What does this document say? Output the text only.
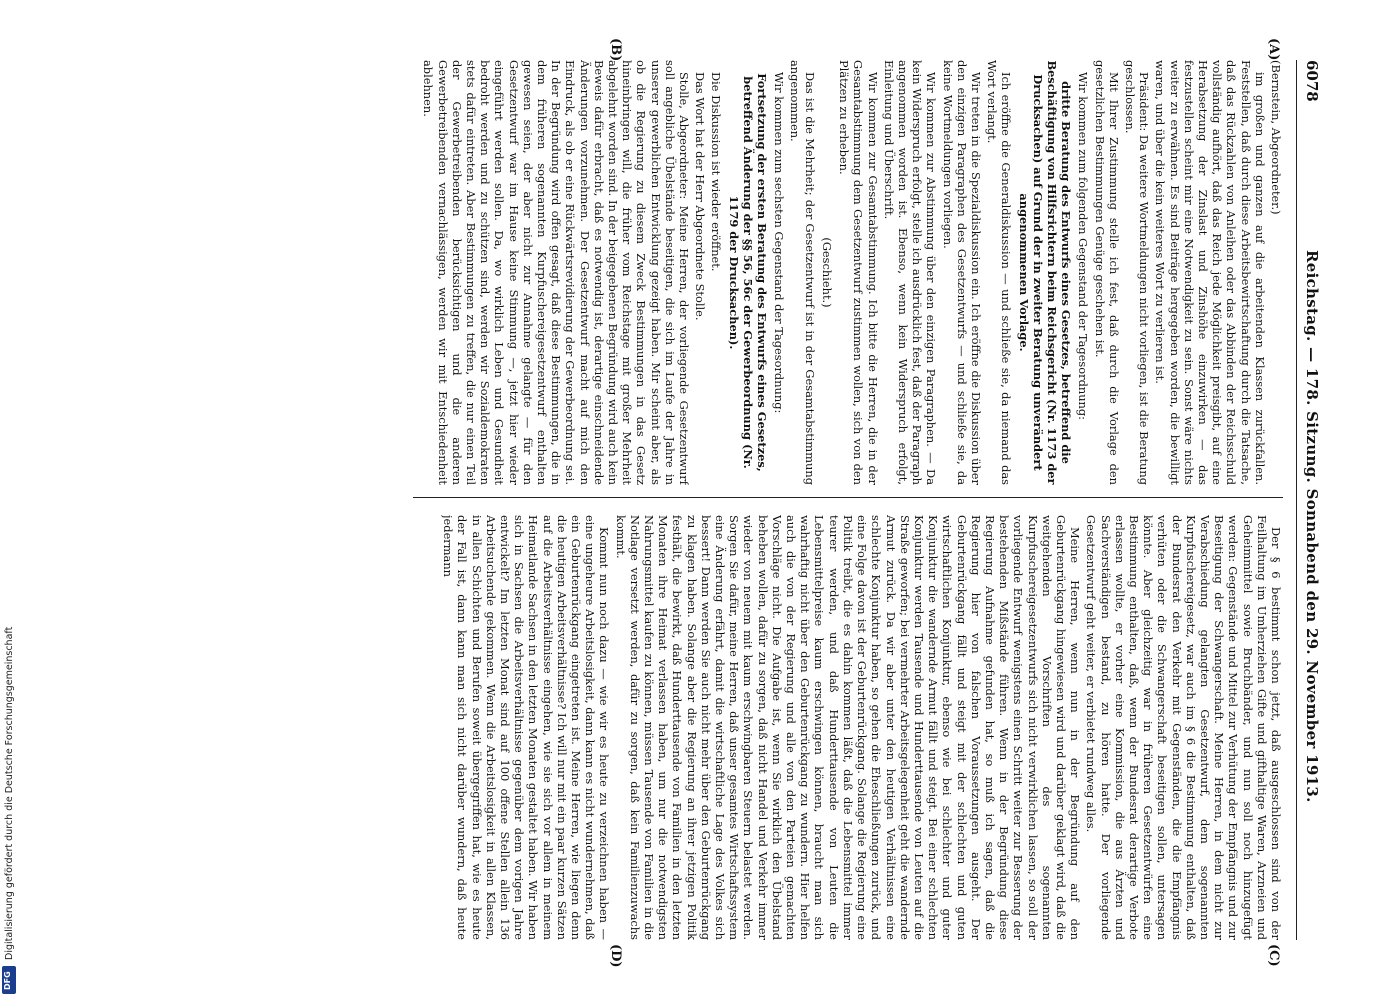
6078
Reichstag. — 178. Sitzung. Sonnabend den 29. November 1913.
(A)
(B)
(C)
(D)

(Bernstein, Abgeordneter.)

im großen und ganzen auf die arbeitenden Klassen zurückfallen. Feststellen, daß durch diese Arbeitsbewirtschaftung durch die Tatsache, daß das Rückzahlen von Anleihen oder das Abbinden der Reichsschuld vollständig aufhört, daß das Reich jede Möglichkeit preisgibt, auf eine Herabsetzung der Zinslast und Zinshöhe einzuwirken — das festzustellen scheint mir eine Notwendigkeit zu sein. Sonst wäre nichts weiter zu erwähnen. Es sind Beiträge hergegeben worden, die bewilligt waren, und über die kein weiteres Wort zu verlieren ist.

Präsident: Da weitere Wortmeldungen nicht vorliegen, ist die Beratung geschlossen.

Mit Ihrer Zustimmung stelle ich fest, daß durch die Vorlage den gesetzlichen Bestimmungen Genüge geschehen ist.

Wir kommen zum folgenden Gegenstand der Tagesordnung:

dritte Beratung des Entwurfs eines Gesetzes, betreffend die Beschäftigung von Hilfsrichtern beim Reichsgericht (Nr. 1173 der Drucksachen) auf Grund der in zweiter Beratung unverändert angenommenen Vorlage.

Ich eröffne die Generaldiskussion — und schließe sie, da niemand das Wort verlangt.

Wir treten in die Spezialdiskussion ein. Ich eröffne die Diskussion über den einzigen Paragraphen des Gesetzentwurfs — und schließe sie, da keine Wortmeldungen vorliegen.

Wir kommen zur Abstimmung über den einzigen Paragraphen. — Da kein Widerspruch erfolgt, stelle ich ausdrücklich fest, daß der Paragraph angenommen worden ist. Ebenso, wenn kein Widerspruch erfolgt, Einleitung und Überschrift.

Wir kommen zur Gesamtabstimmung. Ich bitte die Herren, die in der Gesamtabstimmung dem Gesetzentwurf zustimmen wollen, sich von den Plätzen zu erheben.

(Geschieht.)

Das ist die Mehrheit; der Gesetzentwurf ist in der Gesamtabstimmung angenommen.

Wir kommen zum sechsten Gegenstand der Tagesordnung:

Fortsetzung der ersten Beratung des Entwurfs eines Gesetzes, betreffend Änderung der §§ 56, 56c der Gewerbeordnung (Nr. 1179 der Drucksachen).

Die Diskussion ist wieder eröffnet.

Das Wort hat der Herr Abgeordnete Stolle.

Stolle, Abgeordneter: Meine Herren, der vorliegende Gesetzentwurf soll angebliche Übelstände beseitigen, die sich im Laufe der Jahre in unserer gewerblichen Entwicklung gezeigt haben. Mir scheint aber, als ob die Regierung zu diesem Zweck Bestimmungen in das Gesetz hineinbringen will, die früher vom Reichstage mit großer Mehrheit abgelehnt worden sind. In der beigegebenen Begründung wird auch kein Beweis dafür erbracht, daß es notwendig ist, derartige einschneidende Änderungen vorzunehmen. Der Gesetzentwurf macht auf mich den Eindruck, als ob er eine Rückwärtsrevidierung der Gewerbeordnung sei. In der Begründung wird offen gesagt, daß diese Bestimmungen, die in dem früheren sogenannten Kurpfuschereigesetzentwurf enthalten gewesen seien, der aber nicht zur Annahme gelangte — für den Gesetzentwurf war im Hause keine Stimmung —, jetzt hier wieder eingeführt werden sollen. Da, wo wirklich Leben und Gesundheit bedroht werden und zu schützen sind, werden wir Sozialdemokraten stets dafür eintreten. Aber Bestimmungen zu treffen, die nur einen Teil der Gewerbetreibenden berücksichtigen und die anderen Gewerbetreibenden vernachlässigen, werden wir mit Entschiedenheit ablehnen.

Der § 6 bestimmt schon jetzt, daß ausgeschlossen sind von der Feilhaltung im Umherziehen Gifte und gifthaltige Waren, Arzneien und Geheimmittel sowie Bruchbänder, und nun soll noch hinzugefügt werden: Gegenstände und Mittel zur Verhütung der Empfängnis und zur Beseitigung der Schwangerschaft. Meine Herren, in dem nicht zur Verabschiedung gelangten Gesetzentwurf, dem sogenannten Kurpfuschereigesetz, war auch im § 6 die Bestimmung enthalten, daß der Bundesrat den Verkehr mit Gegenständen, die die Empfängnis verhüten oder die Schwangerschaft beseitigen sollen, untersagen könnte. Aber gleichzeitig war in früheren Gesetzentwürfen eine Bestimmung enthalten, daß, wenn der Bundesrat derartige Verbote erlassen wollte, er vorher eine Kommission, die aus Ärzten und Sachverständigen bestand, zu hören hatte. Der vorliegende Gesetzentwurf geht weiter, er verbietet rundweg alles.

Meine Herren, wenn nun in der Begründung auf den Geburtenrückgang hingewiesen wird und darüber geklagt wird, daß die weitgehenden Vorschriften des sogenannten Kurpfuschereigesetzentwurfs sich nicht verwirklichen lassen, so soll der vorliegende Entwurf wenigstens einen Schritt weiter zur Besserung der bestehenden Mißstände führen. Wenn in der Begründung diese Regierung Aufnahme gefunden hat, so muß ich sagen, daß die Regierung hier von falschen Voraussetzungen ausgeht. Der Geburtenrückgang fällt und steigt mit der schlechten und guten wirtschaftlichen Konjunktur, ebenso wie bei schlechter und guter Konjunktur die wandernde Armut fällt und steigt. Bei einer schlechten Konjunktur werden Tausende und Hunderttausende von Leuten auf die Straße geworfen; bei vermehrter Arbeitsgelegenheit geht die wandernde Armut zurück. Da wir aber unter den heutigen Verhältnissen eine schlechte Konjunktur haben, so gehen die Eheschließungen zurück, und eine Folge davon ist der Geburtenrückgang. Solange die Regierung eine Politik treibt, die es dahin kommen läßt, daß die Lebensmittel immer teurer werden, und daß Hunderttausende von Leuten die Lebensmittelpreise kaum erschwingen können, braucht man sich wahrhaftig nicht über den Geburtenrückgang zu wundern. Hier helfen auch die von der Regierung und alle von den Parteien gemachten Vorschläge nicht. Die Aufgabe ist, wenn Sie wirklich den Übelstand beheben wollen, dafür zu sorgen, daß nicht Handel und Verkehr immer wieder von neuem mit kaum erschwingbaren Steuern belastet werden. Sorgen Sie dafür, meine Herren, daß unser gesamtes Wirtschaftssystem eine Änderung erfährt, damit die wirtschaftliche Lage des Volkes sich bessert! Dann werden Sie auch nicht mehr über den Geburtenrückgang zu klagen haben. Solange aber die Regierung an ihrer jetzigen Politik festhält, die bewirkt, daß Hunderttausende von Familien in den letzten Monaten ihre Heimat verlassen haben, um nur die notwendigsten Nahrungsmittel kaufen zu können, müssen Tausende von Familien in die Notlage versetzt werden, dafür zu sorgen, daß kein Familienzuwachs kommt.

Kommt nun noch dazu — wie wir es heute zu verzeichnen haben — eine ungeheure Arbeitslosigkeit, dann kann es nicht wundernehmen, daß ein Geburtenrückgang eingetreten ist. Meine Herren, wie liegen denn die heutigen Arbeitsverhältnisse? Ich will nur mit ein paar kurzen Sätzen auf die Arbeitsverhältnisse eingehen, wie sie sich vor allem in meinem Heimatlande Sachsen in den letzten Monaten gestaltet haben. Wir haben sich in Sachsen die Arbeitsverhältnisse gegenüber dem vorigen Jahre entwickelt? Im letzten Monat sind auf 100 offene Stellen allein 136 Arbeitsuchende gekommen. Wenn die Arbeitslosigkeit in allen Klassen, in allen Schichten und Berufen soweit übergegriffen hat, wie es heute der Fall ist, dann kann man sich nicht darüber wundern, daß heute jedermann

Digitalisierung gefördert durch die Deutsche Forschungsgemeinschaft
DFG
